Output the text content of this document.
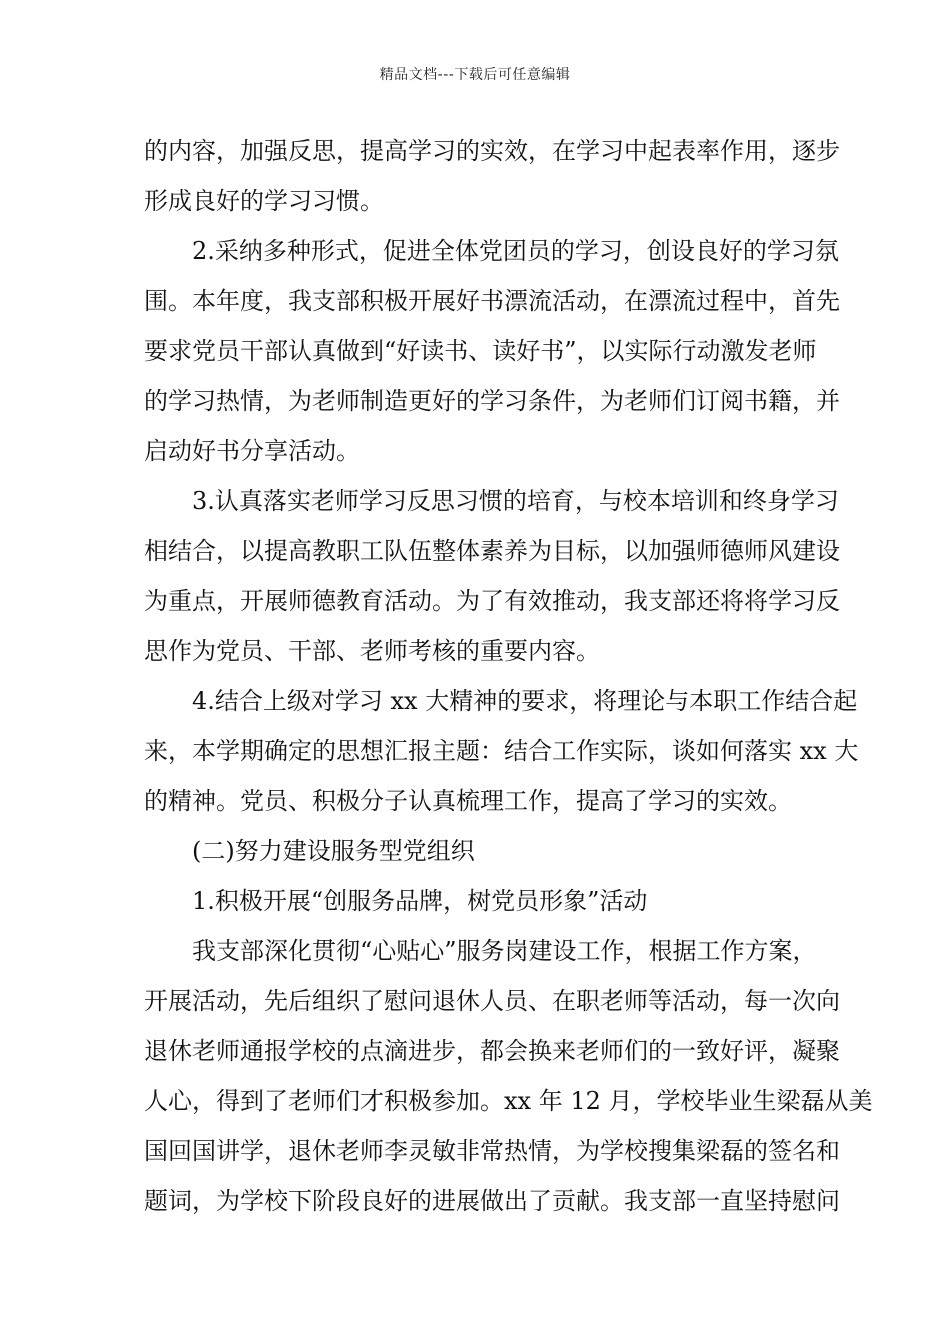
精品文档---下载后可任意编辑
的内容，加强反思，提高学习的实效，在学习中起表率作用，逐步
形成良好的学习习惯。
2.采纳多种形式，促进全体党团员的学习，创设良好的学习氛
围。本年度，我支部积极开展好书漂流活动，在漂流过程中，首先
要求党员干部认真做到“好读书、读好书”，以实际行动激发老师
的学习热情，为老师制造更好的学习条件，为老师们订阅书籍，并
启动好书分享活动。
3.认真落实老师学习反思习惯的培育，与校本培训和终身学习
相结合，以提高教职工队伍整体素养为目标，以加强师德师风建设
为重点，开展师德教育活动。为了有效推动，我支部还将将学习反
思作为党员、干部、老师考核的重要内容。
4.结合上级对学习 xx 大精神的要求，将理论与本职工作结合起
来，本学期确定的思想汇报主题：结合工作实际，谈如何落实 xx 大
的精神。党员、积极分子认真梳理工作，提高了学习的实效。
(二)努力建设服务型党组织
1.积极开展“创服务品牌，树党员形象”活动
我支部深化贯彻“心贴心”服务岗建设工作，根据工作方案，
开展活动，先后组织了慰问退休人员、在职老师等活动，每一次向
退休老师通报学校的点滴进步，都会换来老师们的一致好评，凝聚
人心，得到了老师们才积极参加。xx 年 12 月，学校毕业生梁磊从美
国回国讲学，退休老师李灵敏非常热情，为学校搜集梁磊的签名和
题词，为学校下阶段良好的进展做出了贡献。我支部一直坚持慰问
